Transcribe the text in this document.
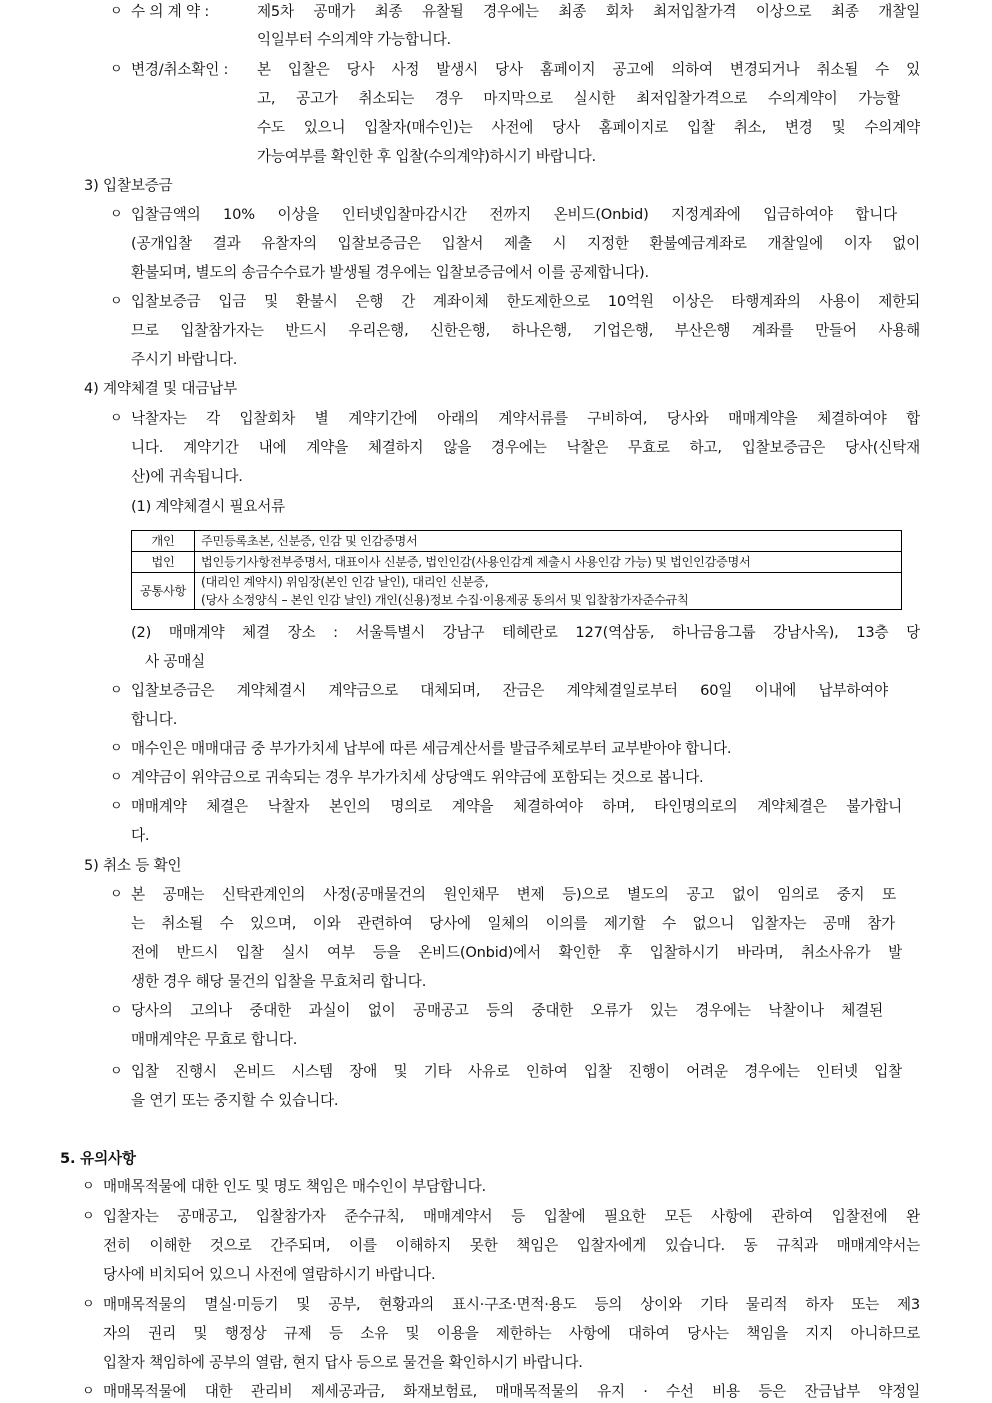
ㅇ 수 의 계 약 :	제5차 공매가 최종 유찰될 경우에는 최종 회차 최저입찰가격 이상으로 최종 개찰일
익일부터 수의계약 가능합니다.
ㅇ 변경/취소확인 : 본 입찰은 당사 사정 발생시 당사 홈페이지 공고에 의하여 변경되거나 취소될 수 있
고, 공고가 취소되는 경우 마지막으로 실시한 최저입찰가격으로 수의계약이 가능할
수도 있으니 입찰자(매수인)는 사전에 당사 홈페이지로 입찰 취소, 변경 및 수의계약
가능여부를 확인한 후 입찰(수의계약)하시기 바랍니다.
3) 입찰보증금
ㅇ 입찰금액의 10% 이상을 인터넷입찰마감시간 전까지 온비드(Onbid) 지정계좌에 입금하여야 합니다
(공개입찰 결과 유찰자의 입찰보증금은 입찰서 제출 시 지정한 환불예금계좌로 개찰일에 이자 없이
환불되며, 별도의 송금수수료가 발생될 경우에는 입찰보증금에서 이를 공제합니다).
ㅇ 입찰보증금 입금 및 환불시 은행 간 계좌이체 한도제한으로 10억원 이상은 타행계좌의 사용이 제한되
므로 입찰참가자는 반드시 우리은행, 신한은행, 하나은행, 기업은행, 부산은행 계좌를 만들어 사용해
주시기 바랍니다.
4) 계약체결 및 대금납부
ㅇ 낙찰자는 각 입찰회차 별 계약기간에 아래의 계약서류를 구비하여, 당사와 매매계약을 체결하여야 합
니다. 계약기간 내에 계약을 체결하지 않을 경우에는 낙찰은 무효로 하고, 입찰보증금은 당사(신탁재
산)에 귀속됩니다.
(1) 계약체결시 필요서류
개인	주민등록초본, 신분증, 인감 및 인감증명서
법인	법인등기사항전부증명서, 대표이사 신분증, 법인인감(사용인감계 제출시 사용인감 가능) 및 법인인감증명서
공통사항	(대리인 계약시) 위임장(본인 인감 날인), 대리인 신분증,
(당사 소정양식 – 본인 인감 날인) 개인(신용)정보 수집·이용제공 동의서 및 입찰참가자준수규칙
(2) 매매계약 체결 장소 : 서울특별시 강남구 테헤란로 127(역삼동, 하나금융그룹 강남사옥), 13층 당
사 공매실
ㅇ 입찰보증금은 계약체결시 계약금으로 대체되며, 잔금은 계약체결일로부터 60일 이내에 납부하여야
합니다.
ㅇ 매수인은 매매대금 중 부가가치세 납부에 따른 세금계산서를 발급주체로부터 교부받아야 합니다.
ㅇ 계약금이 위약금으로 귀속되는 경우 부가가치세 상당액도 위약금에 포함되는 것으로 봅니다.
ㅇ 매매계약 체결은 낙찰자 본인의 명의로 계약을 체결하여야 하며, 타인명의로의 계약체결은 불가합니
다.
5) 취소 등 확인
ㅇ 본 공매는 신탁관계인의 사정(공매물건의 원인채무 변제 등)으로 별도의 공고 없이 임의로 중지 또
는 취소될 수 있으며, 이와 관련하여 당사에 일체의 이의를 제기할 수 없으니 입찰자는 공매 참가
전에 반드시 입찰 실시 여부 등을 온비드(Onbid)에서 확인한 후 입찰하시기 바라며, 취소사유가 발
생한 경우 해당 물건의 입찰을 무효처리 합니다.
ㅇ 당사의 고의나 중대한 과실이 없이 공매공고 등의 중대한 오류가 있는 경우에는 낙찰이나 체결된
매매계약은 무효로 합니다.
ㅇ 입찰 진행시 온비드 시스템 장애 및 기타 사유로 인하여 입찰 진행이 어려운 경우에는 인터넷 입찰
을 연기 또는 중지할 수 있습니다.
5. 유의사항
ㅇ 매매목적물에 대한 인도 및 명도 책임은 매수인이 부담합니다.
ㅇ 입찰자는 공매공고, 입찰참가자 준수규칙, 매매계약서 등 입찰에 필요한 모든 사항에 관하여 입찰전에 완
전히 이해한 것으로 간주되며, 이를 이해하지 못한 책임은 입찰자에게 있습니다. 동 규칙과 매매계약서는
당사에 비치되어 있으니 사전에 열람하시기 바랍니다.
ㅇ 매매목적물의 멸실·미등기 및 공부, 현황과의 표시·구조·면적·용도 등의 상이와 기타 물리적 하자 또는 제3
자의 권리 및 행정상 규제 등 소유 및 이용을 제한하는 사항에 대하여 당사는 책임을 지지 아니하므로
입찰자 책임하에 공부의 열람, 현지 답사 등으로 물건을 확인하시기 바랍니다.
ㅇ 매매목적물에 대한 관리비 제세공과금, 화재보험료, 매매목적물의 유지 · 수선 비용 등은 잔금납부 약정일
